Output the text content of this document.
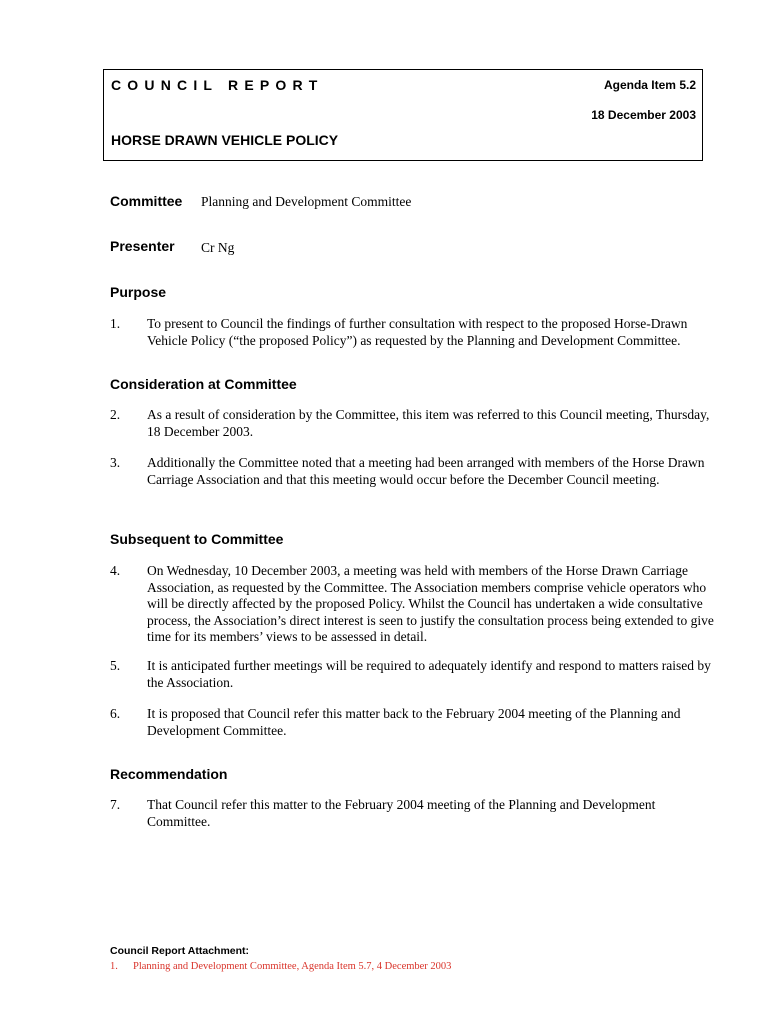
COUNCIL REPORT	Agenda Item 5.2
18 December 2003
HORSE DRAWN VEHICLE POLICY
Committee Planning and Development Committee
Presenter Cr Ng
Purpose
1. To present to Council the findings of further consultation with respect to the proposed Horse-Drawn Vehicle Policy (“the proposed Policy”) as requested by the Planning and Development Committee.
Consideration at Committee
2. As a result of consideration by the Committee, this item was referred to this Council meeting, Thursday, 18 December 2003.
3. Additionally the Committee noted that a meeting had been arranged with members of the Horse Drawn Carriage Association and that this meeting would occur before the December Council meeting.
Subsequent to Committee
4. On Wednesday, 10 December 2003, a meeting was held with members of the Horse Drawn Carriage Association, as requested by the Committee. The Association members comprise vehicle operators who will be directly affected by the proposed Policy. Whilst the Council has undertaken a wide consultative process, the Association’s direct interest is seen to justify the consultation process being extended to give time for its members’ views to be assessed in detail.
5. It is anticipated further meetings will be required to adequately identify and respond to matters raised by the Association.
6. It is proposed that Council refer this matter back to the February 2004 meeting of the Planning and Development Committee.
Recommendation
7. That Council refer this matter to the February 2004 meeting of the Planning and Development Committee.
Council Report Attachment:
1. Planning and Development Committee, Agenda Item 5.7, 4 December 2003
